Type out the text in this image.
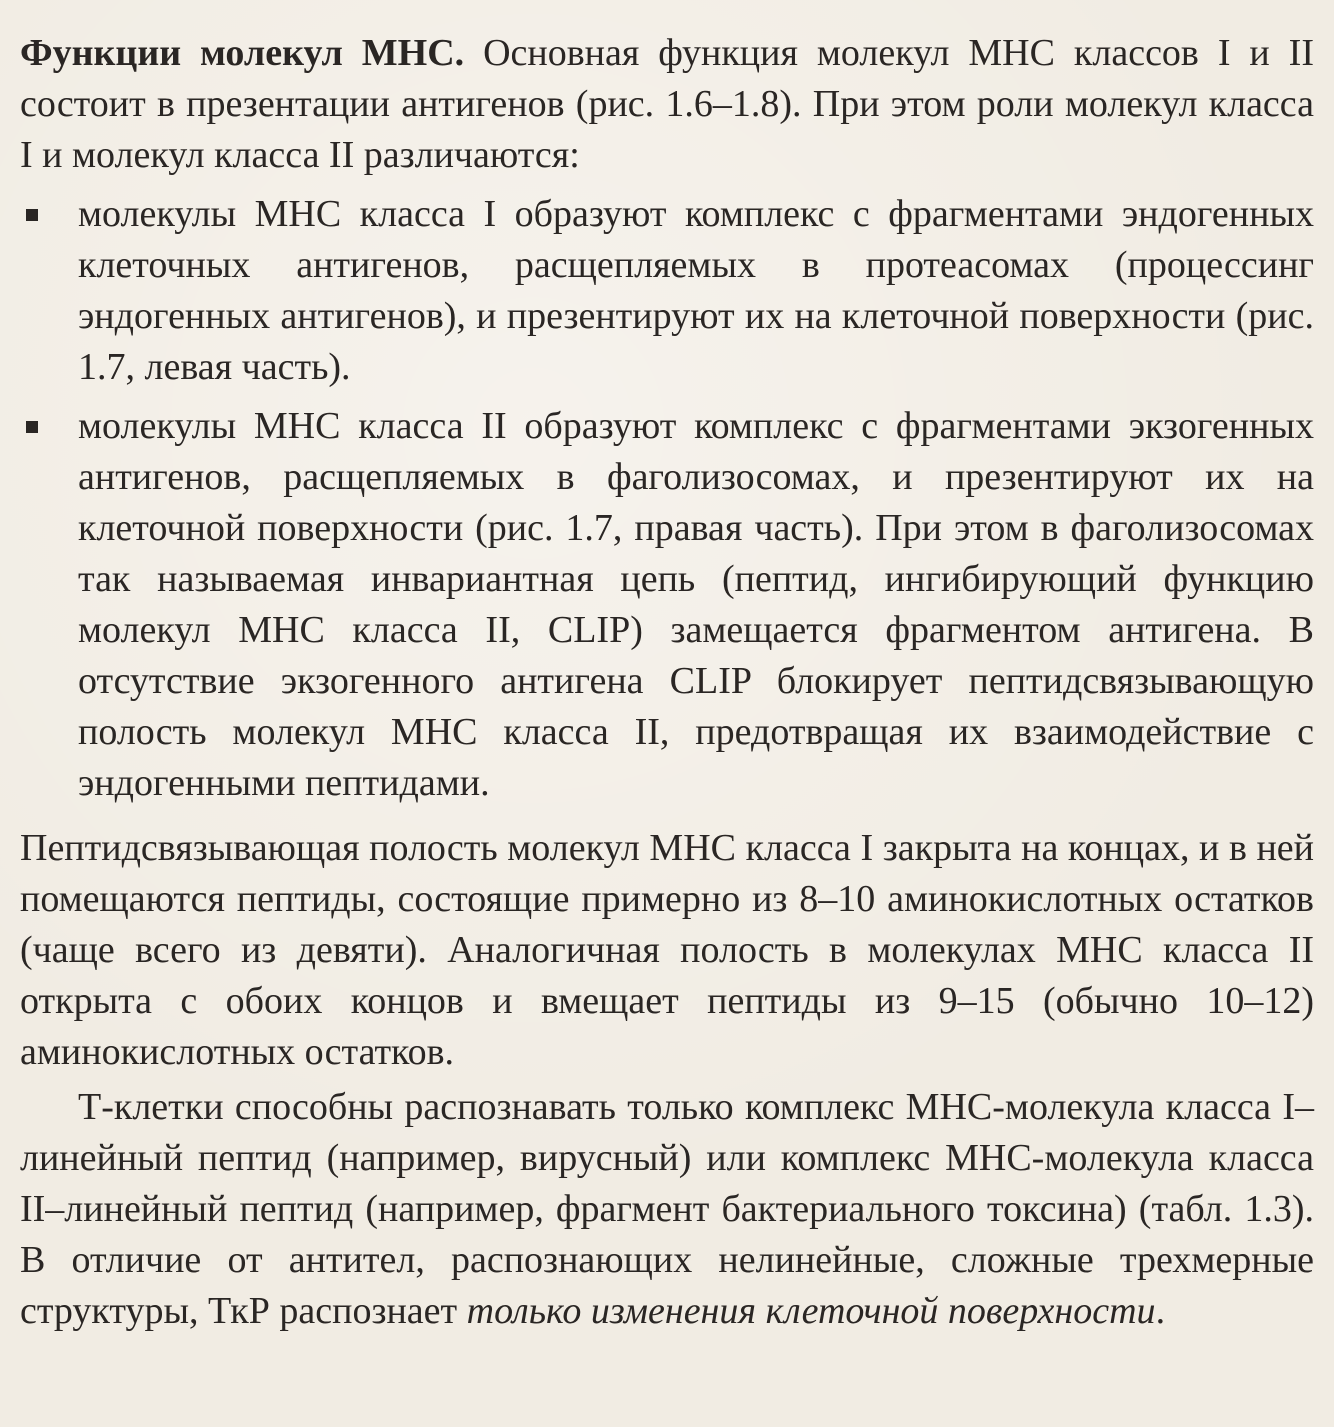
Функции молекул МНС. Основная функция молекул МНС классов I и II состоит в презентации антигенов (рис. 1.6–1.8). При этом роли молекул класса I и молекул класса II различаются:

молекулы МНС класса I образуют комплекс с фрагментами эндогенных клеточных антигенов, расщепляемых в протеасомах (процессинг эндогенных антигенов), и презентируют их на клеточной поверхности (рис. 1.7, левая часть).

молекулы МНС класса II образуют комплекс с фрагментами экзогенных антигенов, расщепляемых в фаголизосомах, и презентируют их на клеточной поверхности (рис. 1.7, правая часть). При этом в фаголизосомах так называемая инвариантная цепь (пептид, ингибирующий функцию молекул МНС класса II, CLIP) замещается фрагментом антигена. В отсутствие экзогенного антигена CLIP блокирует пептидсвязывающую полость молекул МНС класса II, предотвращая их взаимодействие с эндогенными пептидами.

Пептидсвязывающая полость молекул МНС класса I закрыта на концах, и в ней помещаются пептиды, состоящие примерно из 8–10 аминокислотных остатков (чаще всего из девяти). Аналогичная полость в молекулах МНС класса II открыта с обоих концов и вмещает пептиды из 9–15 (обычно 10–12) аминокислотных остатков.

Т-клетки способны распознавать только комплекс МНС-молекула класса I–линейный пептид (например, вирусный) или комплекс МНС-молекула класса II–линейный пептид (например, фрагмент бактериального токсина) (табл. 1.3). В отличие от антител, распознающих нелинейные, сложные трехмерные структуры, ТкР распознает только изменения клеточной поверхности.
